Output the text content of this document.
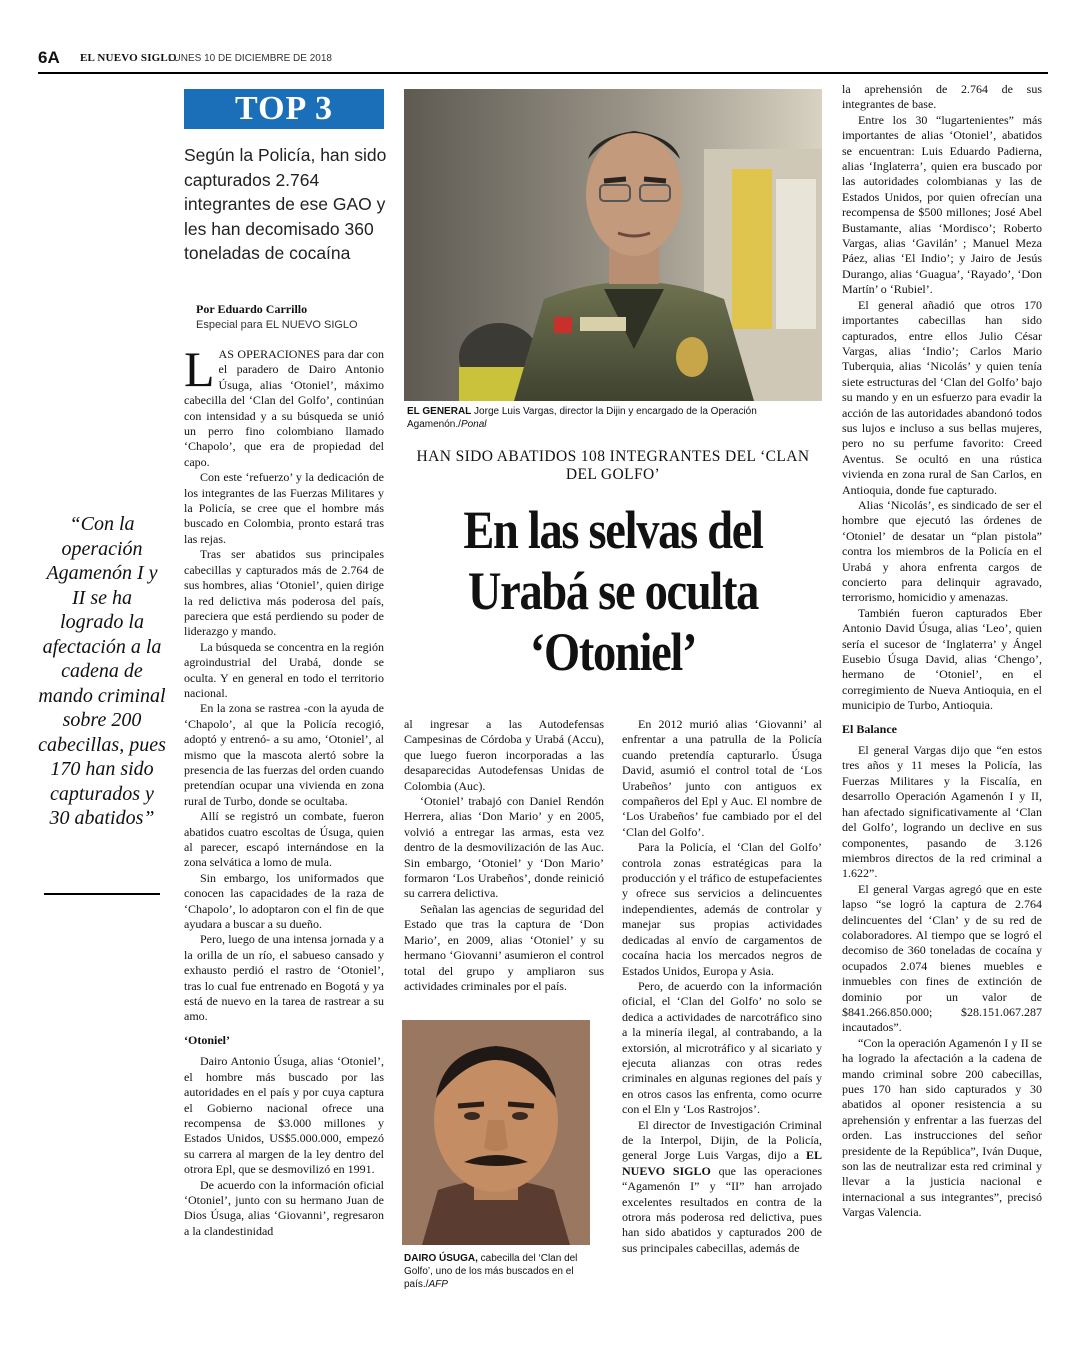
6A EL NUEVO SIGLO
LUNES 10 DE DICIEMBRE DE 2018
TOP 3
Según la Policía, han sido capturados 2.764 integrantes de ese GAO y les han decomisado 360 toneladas de cocaína
Por Eduardo Carrillo
Especial para EL NUEVO SIGLO
“Con la operación Agamenón I y II se ha logrado la afectación a la cadena de mando criminal sobre 200 cabecillas, pues 170 han sido capturados y 30 abatidos”
EL GENERAL Jorge Luis Vargas, director la Dijin y encargado de la Operación Agamenón./Ponal
HAN SIDO ABATIDOS 108 INTEGRANTES DEL ‘CLAN DEL GOLFO’
En las selvas del Urabá se oculta ‘Otoniel’
DAIRO ÚSUGA, cabecilla del ‘Clan del Golfo’, uno de los más buscados en el país./AFP

LAS OPERACIONES para dar con el paradero de Dairo Antonio Úsuga, alias ‘Otoniel’, máximo cabecilla del ‘Clan del Golfo’, continúan con intensidad y a su búsqueda se unió un perro fino colombiano llamado ‘Chapolo’, que era de propiedad del capo.

Con este ‘refuerzo’ y la dedicación de los integrantes de las Fuerzas Militares y la Policía, se cree que el hombre más buscado en Colombia, pronto estará tras las rejas.

Tras ser abatidos sus principales cabecillas y capturados más de 2.764 de sus hombres, alias ‘Otoniel’, quien dirige la red delictiva más poderosa del país, pareciera que está perdiendo su poder de liderazgo y mando.

La búsqueda se concentra en la región agroindustrial del Urabá, donde se oculta. Y en general en todo el territorio nacional.

En la zona se rastrea -con la ayuda de ‘Chapolo’, al que la Policía recogió, adoptó y entrenó- a su amo, ‘Otoniel’, al mismo que la mascota alertó sobre la presencia de las fuerzas del orden cuando pretendían ocupar una vivienda en zona rural de Turbo, donde se ocultaba.

Allí se registró un combate, fueron abatidos cuatro escoltas de Úsuga, quien al parecer, escapó internándose en la zona selvática a lomo de mula.

Sin embargo, los uniformados que conocen las capacidades de la raza de ‘Chapolo’, lo adoptaron con el fin de que ayudara a buscar a su dueño.

Pero, luego de una intensa jornada y a la orilla de un río, el sabueso cansado y exhausto perdió el rastro de ‘Otoniel’, tras lo cual fue entrenado en Bogotá y ya está de nuevo en la tarea de rastrear a su amo.

‘Otoniel’

Dairo Antonio Úsuga, alias ‘Otoniel’, el hombre más buscado por las autoridades en el país y por cuya captura el Gobierno nacional ofrece una recompensa de $3.000 millones y Estados Unidos, US$5.000.000, empezó su carrera al margen de la ley dentro del otrora Epl, que se desmovilizó en 1991.

De acuerdo con la información oficial ‘Otoniel’, junto con su hermano Juan de Dios Úsuga, alias ‘Giovanni’, regresaron a la clandestinidad

al ingresar a las Autodefensas Campesinas de Córdoba y Urabá (Accu), que luego fueron incorporadas a las desaparecidas Autodefensas Unidas de Colombia (Auc).

‘Otoniel’ trabajó con Daniel Rendón Herrera, alias ‘Don Mario’ y en 2005, volvió a entregar las armas, esta vez dentro de la desmovilización de las Auc. Sin embargo, ‘Otoniel’ y ‘Don Mario’ formaron ‘Los Urabeños’, donde reinició su carrera delictiva.

Señalan las agencias de seguridad del Estado que tras la captura de ‘Don Mario’, en 2009, alias ‘Otoniel’ y su hermano ‘Giovanni’ asumieron el control total del grupo y ampliaron sus actividades criminales por el país.

En 2012 murió alias ‘Giovanni’ al enfrentar a una patrulla de la Policía cuando pretendía capturarlo. Úsuga David, asumió el control total de ‘Los Urabeños’ junto con antiguos ex compañeros del Epl y Auc. El nombre de ‘Los Urabeños’ fue cambiado por el del ‘Clan del Golfo’.

Para la Policía, el ‘Clan del Golfo’ controla zonas estratégicas para la producción y el tráfico de estupefacientes y ofrece sus servicios a delincuentes independientes, además de controlar y manejar sus propias actividades dedicadas al envío de cargamentos de cocaína hacia los mercados negros de Estados Unidos, Europa y Asia.

Pero, de acuerdo con la información oficial, el ‘Clan del Golfo’ no solo se dedica a actividades de narcotráfico sino a la minería ilegal, al contrabando, a la extorsión, al microtráfico y al sicariato y ejecuta alianzas con otras redes criminales en algunas regiones del país y en otros casos las enfrenta, como ocurre con el Eln y ‘Los Rastrojos’.

El director de Investigación Criminal de la Interpol, Dijin, de la Policía, general Jorge Luis Vargas, dijo a EL NUEVO SIGLO que las operaciones “Agamenón I” y “II” han arrojado excelentes resultados en contra de la otrora más poderosa red delictiva, pues han sido abatidos y capturados 200 de sus principales cabecillas, además de

la aprehensión de 2.764 de sus integrantes de base.

Entre los 30 “lugartenientes” más importantes de alias ‘Otoniel’, abatidos se encuentran: Luis Eduardo Padierna, alias ‘Inglaterra’, quien era buscado por las autoridades colombianas y las de Estados Unidos, por quien ofrecían una recompensa de $500 millones; José Abel Bustamante, alias ‘Mordisco’; Roberto Vargas, alias ‘Gavilán’ ; Manuel Meza Páez, alias ‘El Indio’; y Jairo de Jesús Durango, alias ‘Guagua’, ‘Rayado’, ‘Don Martín’ o ‘Rubiel’.

El general añadió que otros 170 importantes cabecillas han sido capturados, entre ellos Julio César Vargas, alias ‘Indio’; Carlos Mario Tuberquia, alias ‘Nicolás’ y quien tenía siete estructuras del ‘Clan del Golfo’ bajo su mando y en un esfuerzo para evadir la acción de las autoridades abandonó todos sus lujos e incluso a sus bellas mujeres, pero no su perfume favorito: Creed Aventus. Se ocultó en una rústica vivienda en zona rural de San Carlos, en Antioquia, donde fue capturado.

Alias ‘Nicolás’, es sindicado de ser el hombre que ejecutó las órdenes de ‘Otoniel’ de desatar un “plan pistola” contra los miembros de la Policía en el Urabá y ahora enfrenta cargos de concierto para delinquir agravado, terrorismo, homicidio y amenazas.

También fueron capturados Eber Antonio David Úsuga, alias ‘Leo’, quien sería el sucesor de ‘Inglaterra’ y Ángel Eusebio Úsuga David, alias ‘Chengo’, hermano de ‘Otoniel’, en el corregimiento de Nueva Antioquia, en el municipio de Turbo, Antioquia.

El Balance

El general Vargas dijo que “en estos tres años y 11 meses la Policía, las Fuerzas Militares y la Fiscalía, en desarrollo Operación Agamenón I y II, han afectado significativamente al ‘Clan del Golfo’, logrando un declive en sus componentes, pasando de 3.126 miembros directos de la red criminal a 1.622”.

El general Vargas agregó que en este lapso “se logró la captura de 2.764 delincuentes del ‘Clan’ y de su red de colaboradores. Al tiempo que se logró el decomiso de 360 toneladas de cocaína y ocupados 2.074 bienes muebles e inmuebles con fines de extinción de dominio por un valor de $841.266.850.000; $28.151.067.287 incautados”.

“Con la operación Agamenón I y II se ha logrado la afectación a la cadena de mando criminal sobre 200 cabecillas, pues 170 han sido capturados y 30 abatidos al oponer resistencia a su aprehensión y enfrentar a las fuerzas del orden. Las instrucciones del señor presidente de la República”, Iván Duque, son las de neutralizar esta red criminal y llevar a la justicia nacional e internacional a sus integrantes”, precisó Vargas Valencia.
